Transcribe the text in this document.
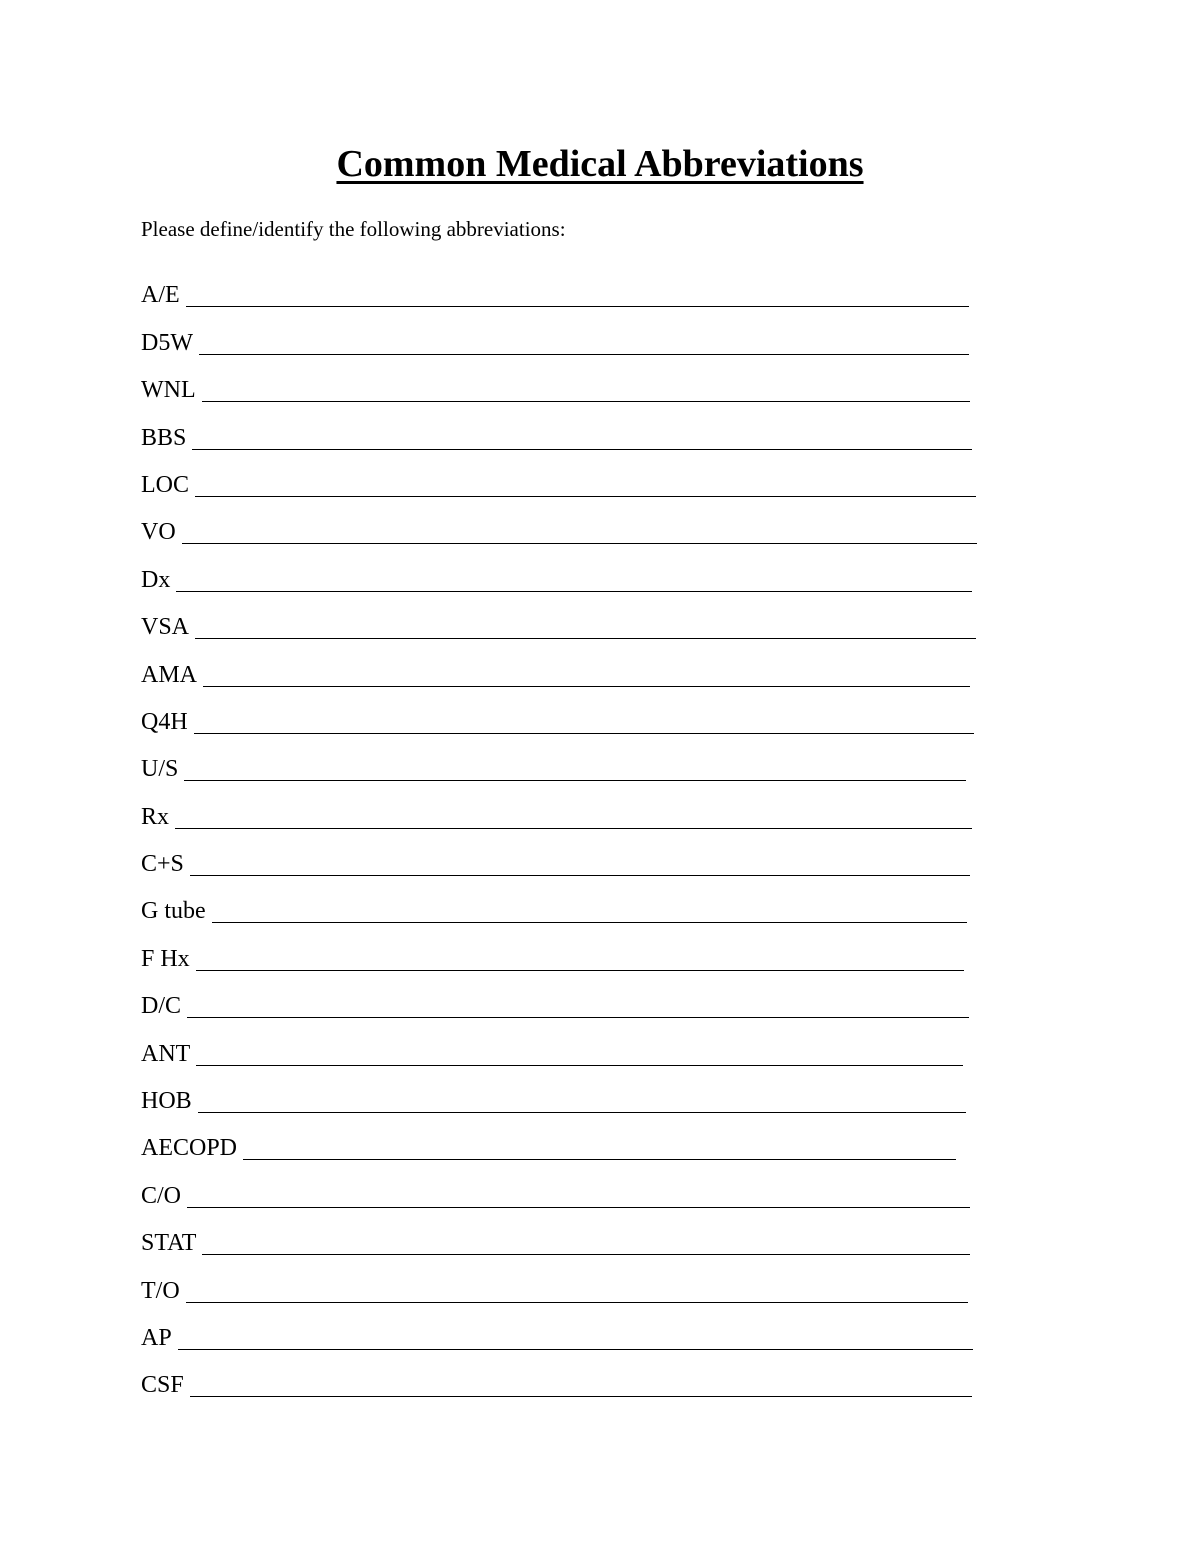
Common Medical Abbreviations

Please define/identify the following abbreviations:

A/E
D5W
WNL
BBS
LOC
VO
Dx
VSA
AMA
Q4H
U/S
Rx
C+S
G tube
F Hx
D/C
ANT
HOB
AECOPD
C/O
STAT
T/O
AP
CSF
